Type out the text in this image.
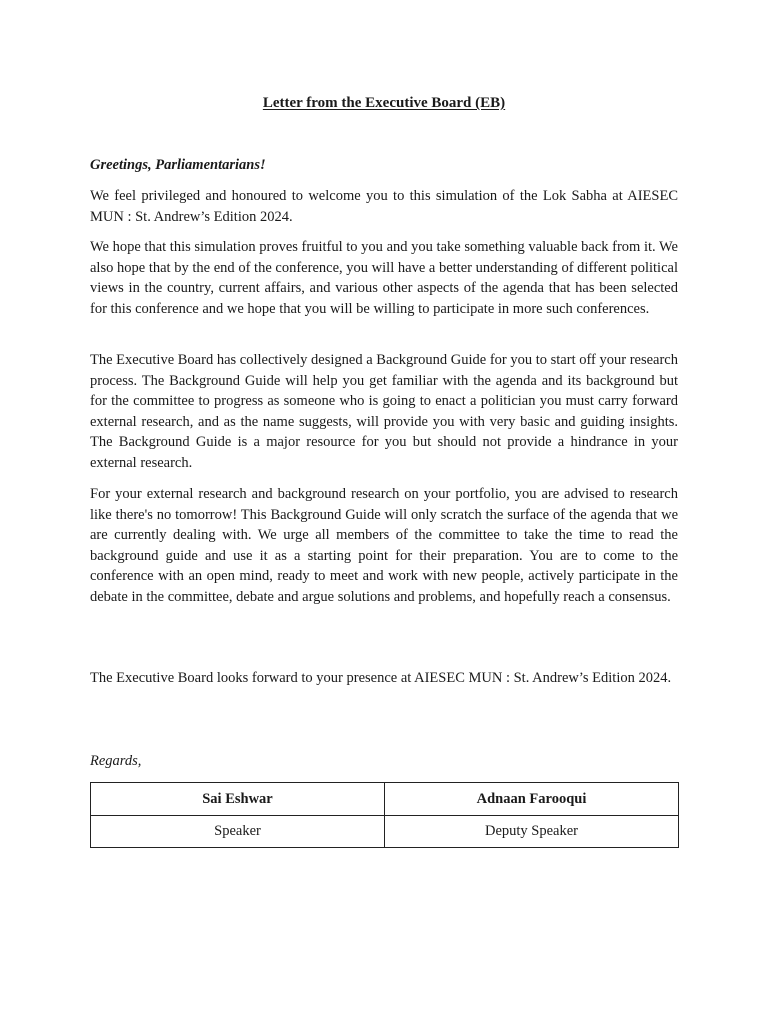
Letter from the Executive Board (EB)
Greetings, Parliamentarians!

We feel privileged and honoured to welcome you to this simulation of the Lok Sabha at AIESEC MUN : St. Andrew’s Edition 2024.

We hope that this simulation proves fruitful to you and you take something valuable back from it. We also hope that by the end of the conference, you will have a better understanding of different political views in the country, current affairs, and various other aspects of the agenda that has been selected for this conference and we hope that you will be willing to participate in more such conferences.

The Executive Board has collectively designed a Background Guide for you to start off your research process. The Background Guide will help you get familiar with the agenda and its background but for the committee to progress as someone who is going to enact a politician you must carry forward external research, and as the name suggests, will provide you with very basic and guiding insights. The Background Guide is a major resource for you but should not provide a hindrance in your external research.

For your external research and background research on your portfolio, you are advised to research like there's no tomorrow! This Background Guide will only scratch the surface of the agenda that we are currently dealing with. We urge all members of the committee to take the time to read the background guide and use it as a starting point for their preparation. You are to come to the conference with an open mind, ready to meet and work with new people, actively participate in the debate in the committee, debate and argue solutions and problems, and hopefully reach a consensus.

The Executive Board looks forward to your presence at AIESEC MUN : St. Andrew’s Edition 2024.

Regards,
Sai Eshwar	Adnaan Farooqui
Speaker	Deputy Speaker
